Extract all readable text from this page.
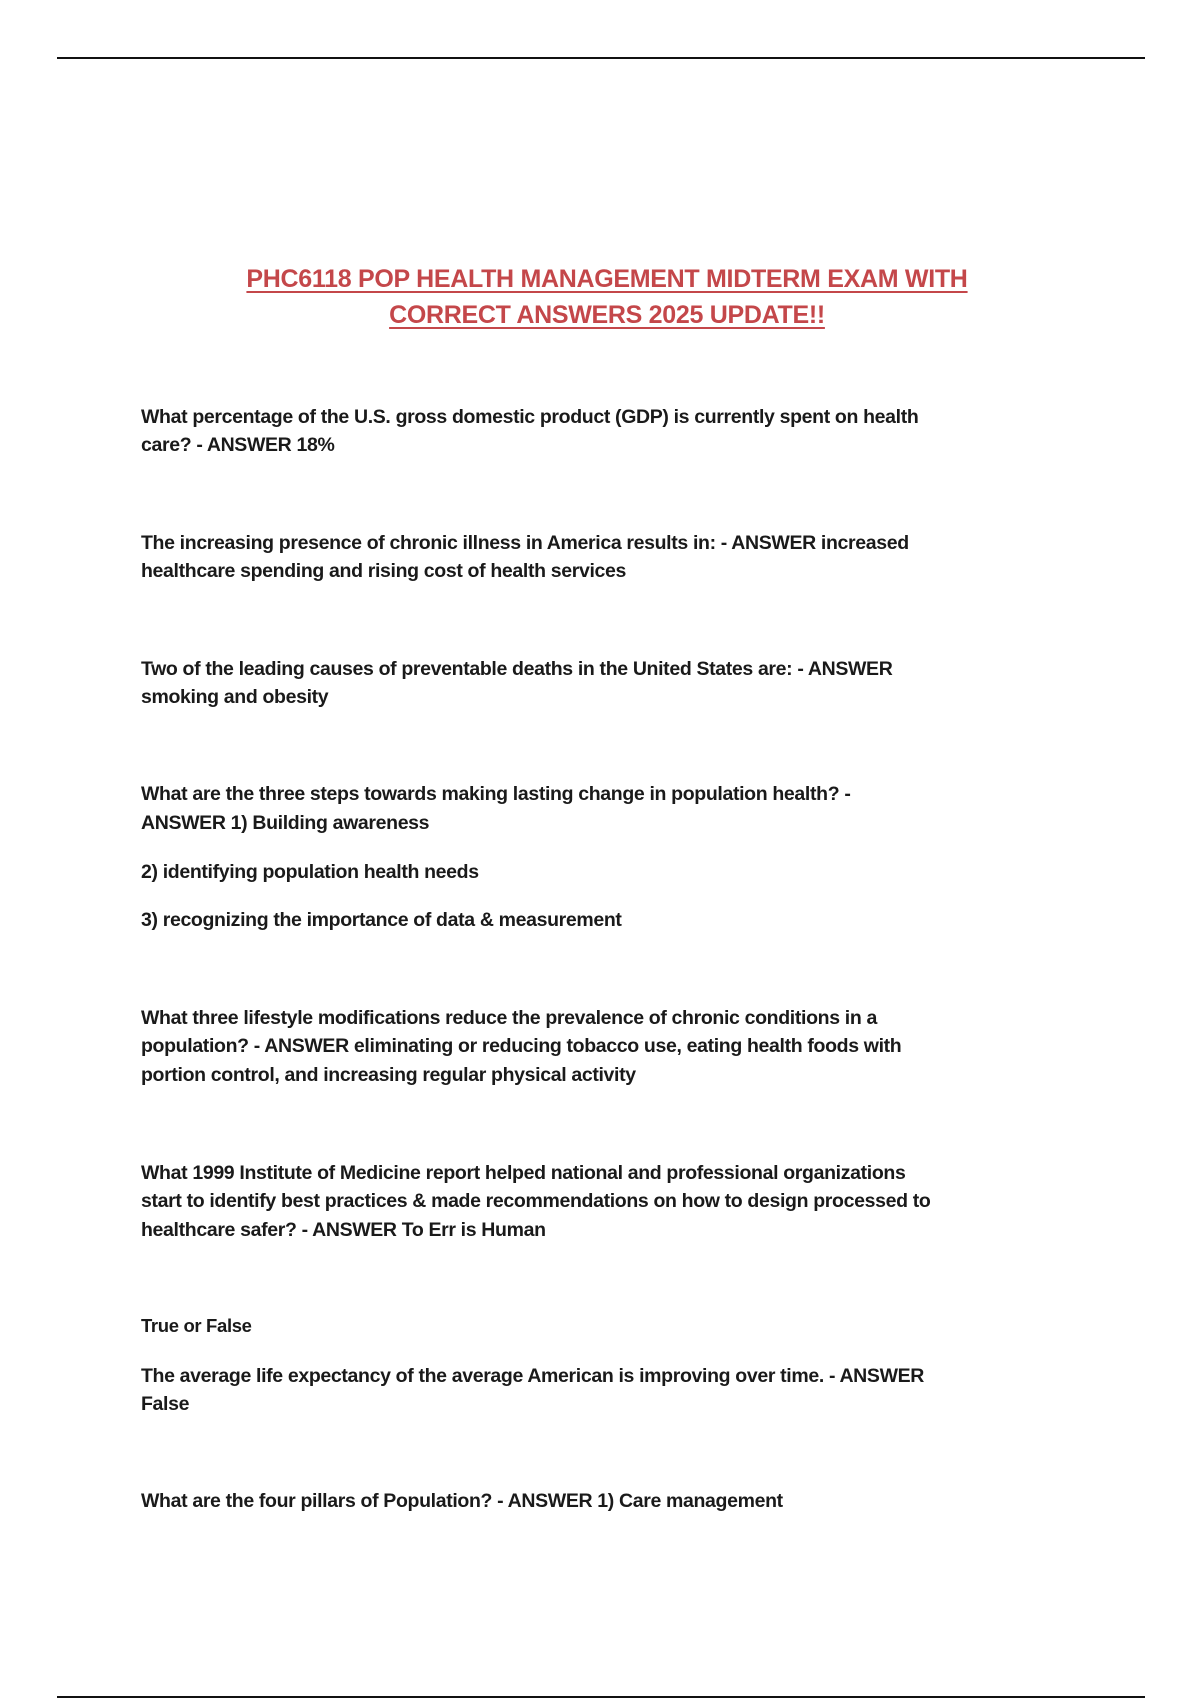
PHC6118 POP HEALTH MANAGEMENT MIDTERM EXAM WITH
CORRECT ANSWERS 2025 UPDATE!!
What percentage of the U.S. gross domestic product (GDP) is currently spent on health
care? - ANSWER 18%
The increasing presence of chronic illness in America results in: - ANSWER increased
healthcare spending and rising cost of health services
Two of the leading causes of preventable deaths in the United States are: - ANSWER
smoking and obesity
What are the three steps towards making lasting change in population health? -
ANSWER 1) Building awareness
2) identifying population health needs
3) recognizing the importance of data & measurement
What three lifestyle modifications reduce the prevalence of chronic conditions in a
population? - ANSWER eliminating or reducing tobacco use, eating health foods with
portion control, and increasing regular physical activity
What 1999 Institute of Medicine report helped national and professional organizations
start to identify best practices & made recommendations on how to design processed to
healthcare safer? - ANSWER To Err is Human
True or False
The average life expectancy of the average American is improving over time. - ANSWER
False
What are the four pillars of Population? - ANSWER 1) Care management
